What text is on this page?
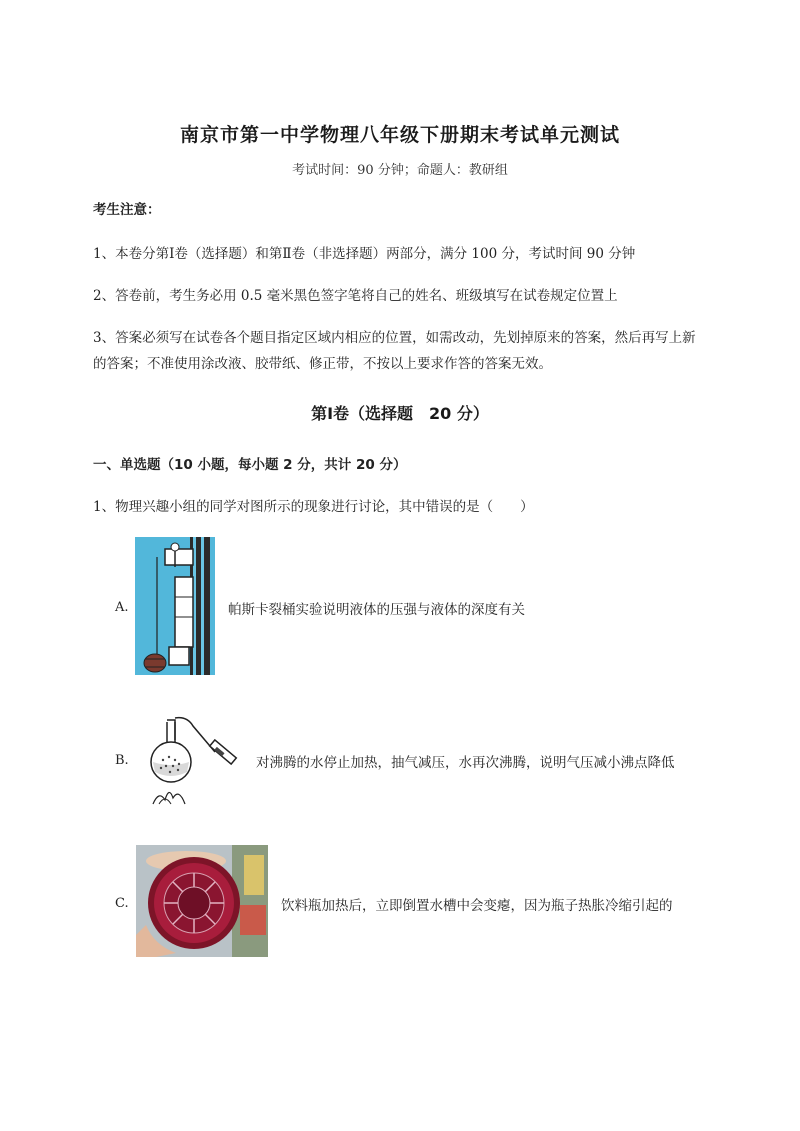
南京市第一中学物理八年级下册期末考试单元测试
考试时间：90 分钟；命题人：教研组
考生注意：
1、本卷分第Ⅰ卷（选择题）和第Ⅱ卷（非选择题）两部分，满分 100 分，考试时间 90 分钟
2、答卷前，考生务必用 0.5 毫米黑色签字笔将自己的姓名、班级填写在试卷规定位置上
3、答案必须写在试卷各个题目指定区域内相应的位置，如需改动，先划掉原来的答案，然后再写上新
的答案；不准使用涂改液、胶带纸、修正带，不按以上要求作答的答案无效。
第Ⅰ卷（选择题　20 分）
一、单选题（10 小题，每小题 2 分，共计 20 分）
1、物理兴趣小组的同学对图所示的现象进行讨论，其中错误的是（　　）
A.	帕斯卡裂桶实验说明液体的压强与液体的深度有关
B.	对沸腾的水停止加热，抽气减压，水再次沸腾，说明气压减小沸点降低
C.	饮料瓶加热后，立即倒置水槽中会变瘪，因为瓶子热胀冷缩引起的
